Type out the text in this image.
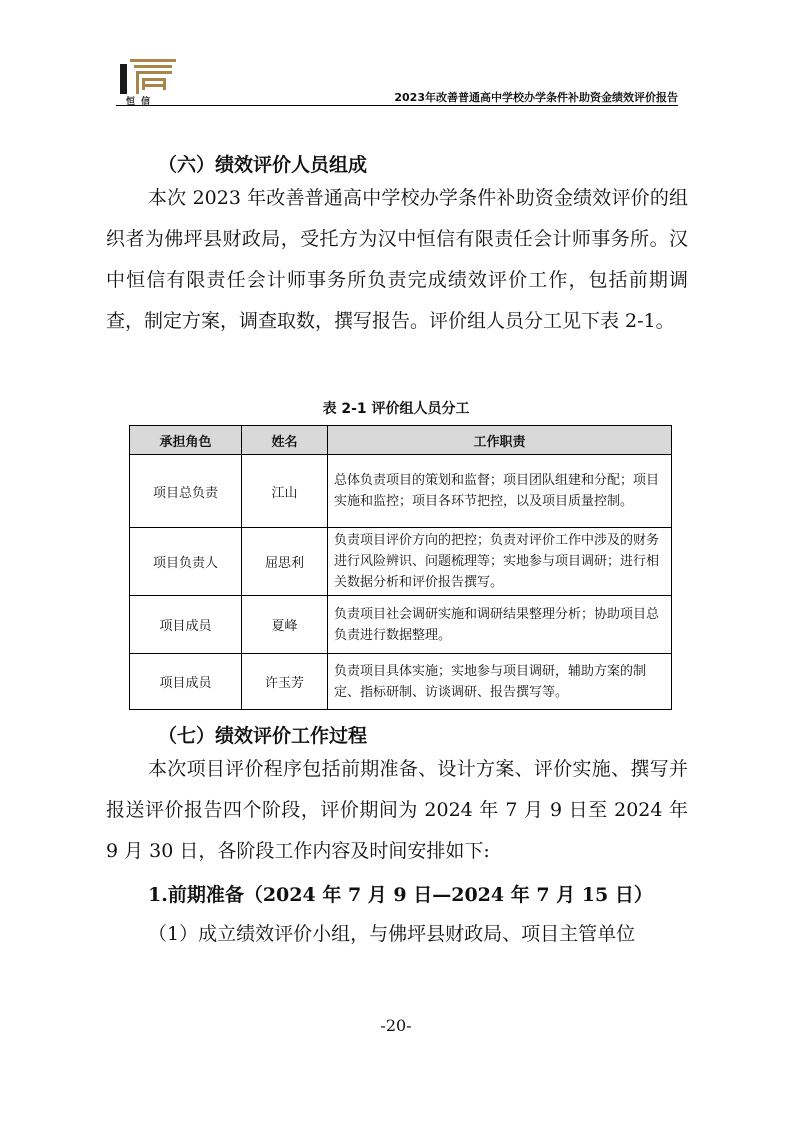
恒信	2023年改善普通高中学校办学条件补助资金绩效评价报告
（六）绩效评价人员组成

本次 2023 年改善普通高中学校办学条件补助资金绩效评价的组织者为佛坪县财政局，受托方为汉中恒信有限责任会计师事务所。汉中恒信有限责任会计师事务所负责完成绩效评价工作，包括前期调查，制定方案，调查取数，撰写报告。评价组人员分工见下表 2-1。

表 2-1 评价组人员分工
承担角色	姓名	工作职责
项目总负责	江山	总体负责项目的策划和监督；项目团队组建和分配；项目实施和监控；项目各环节把控，以及项目质量控制。
项目负责人	屈思利	负责项目评价方向的把控；负责对评价工作中涉及的财务进行风险辨识、问题梳理等；实地参与项目调研；进行相关数据分析和评价报告撰写。
项目成员	夏峰	负责项目社会调研实施和调研结果整理分析；协助项目总负责进行数据整理。
项目成员	许玉芳	负责项目具体实施；实地参与项目调研，辅助方案的制定、指标研制、访谈调研、报告撰写等。
（七）绩效评价工作过程

本次项目评价程序包括前期准备、设计方案、评价实施、撰写并报送评价报告四个阶段，评价期间为 2024 年 7 月 9 日至 2024 年 9 月 30 日，各阶段工作内容及时间安排如下:

1.前期准备（2024 年 7 月 9 日—2024 年 7 月 15 日）

（1）成立绩效评价小组，与佛坪县财政局、项目主管单位

-20-
